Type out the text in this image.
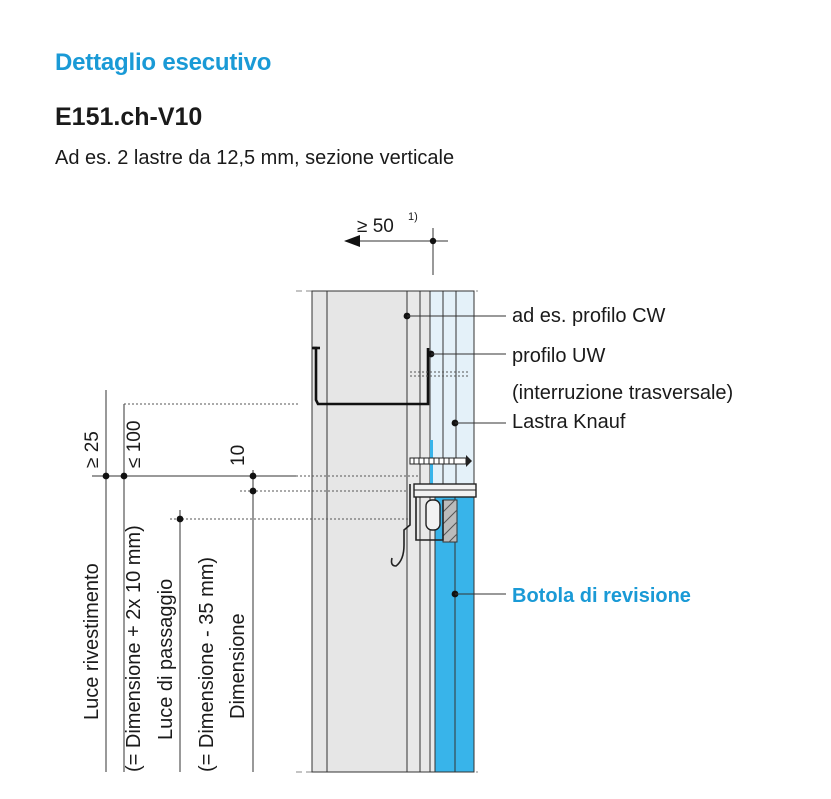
Dettaglio esecutivo
E151.ch-V10
Ad es. 2 lastre da 12,5 mm, sezione verticale
≥ 50 1)
≥ 25 ≤ 100	10
Luce rivestimento (= Dimensione + 2x 10 mm) Luce di passaggio (= Dimensione - 35 mm) Dimensione
ad es. profilo CW
profilo UW
(interruzione trasversale)
Lastra Knauf
Botola di revisione
